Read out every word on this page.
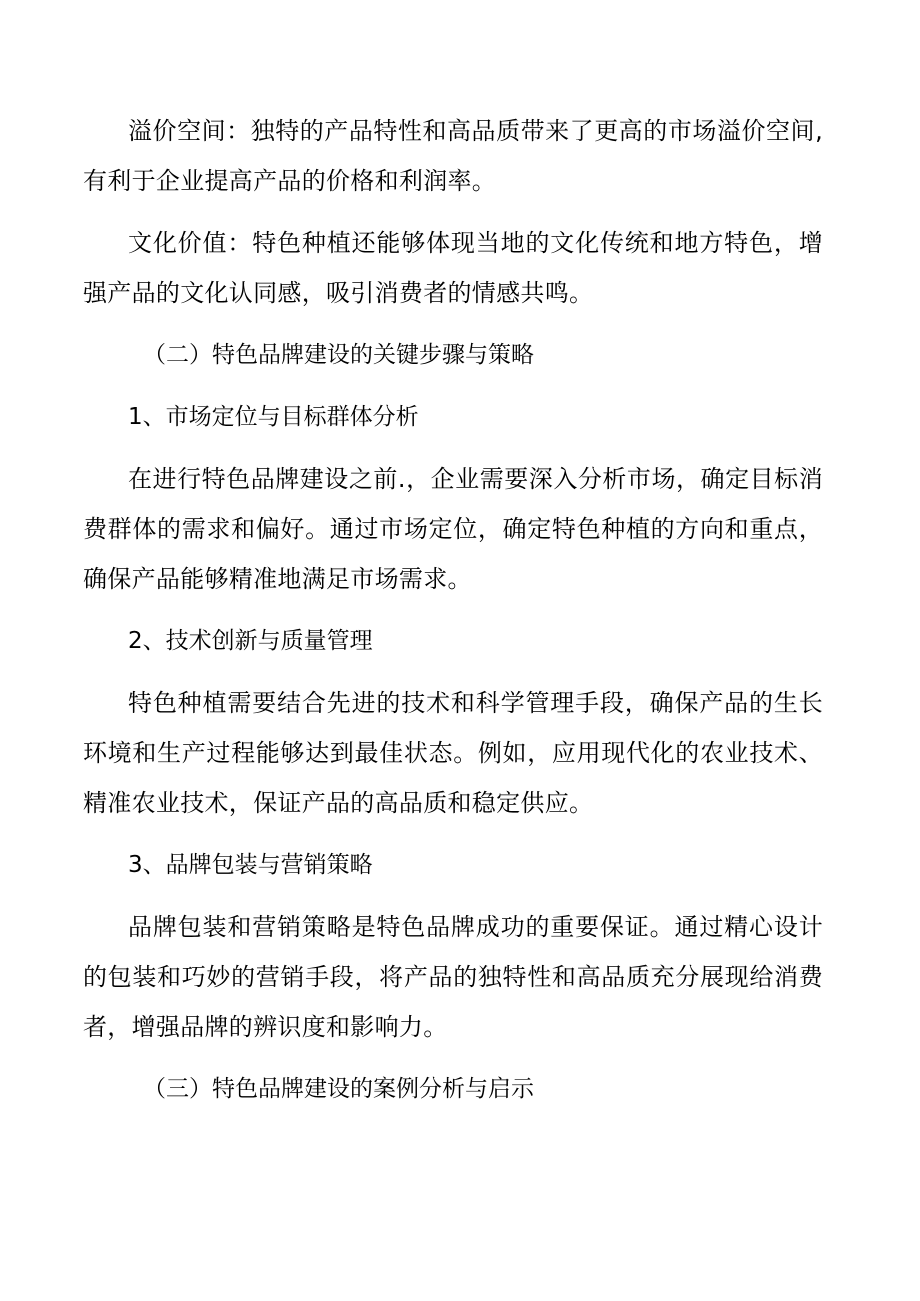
溢价空间：独特的产品特性和高品质带来了更高的市场溢价空间,有利于企业提高产品的价格和利润率。

文化价值：特色种植还能够体现当地的文化传统和地方特色，增强产品的文化认同感，吸引消费者的情感共鸣。

（二）特色品牌建设的关键步骤与策略
1、市场定位与目标群体分析

在进行特色品牌建设之前.，企业需要深入分析市场，确定目标消费群体的需求和偏好。通过市场定位，确定特色种植的方向和重点，确保产品能够精准地满足市场需求。

2、技术创新与质量管理

特色种植需要结合先进的技术和科学管理手段，确保产品的生长环境和生产过程能够达到最佳状态。例如，应用现代化的农业技术、精准农业技术，保证产品的高品质和稳定供应。

3、品牌包装与营销策略

品牌包装和营销策略是特色品牌成功的重要保证。通过精心设计的包装和巧妙的营销手段，将产品的独特性和高品质充分展现给消费者，增强品牌的辨识度和影响力。

（三）特色品牌建设的案例分析与启示
